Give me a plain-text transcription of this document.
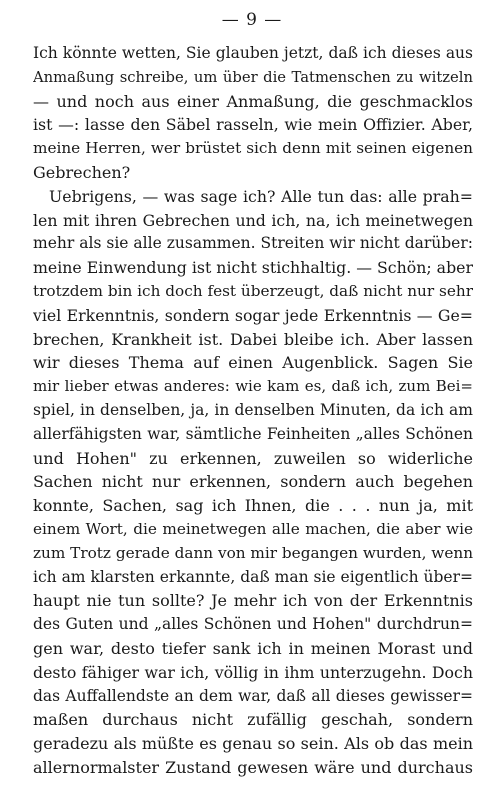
— 9 —

Ich könnte wetten, Sie glauben jetzt, daß ich dieses aus
Anmaßung schreibe, um über die Tatmenschen zu witzeln
— und noch aus einer Anmaßung, die geschmacklos
ist —: lasse den Säbel rasseln, wie mein Offizier. Aber,
meine Herren, wer brüstet sich denn mit seinen eigenen
Gebrechen?

Uebrigens, — was sage ich? Alle tun das: alle prah=
len mit ihren Gebrechen und ich, na, ich meinetwegen
mehr als sie alle zusammen. Streiten wir nicht darüber:
meine Einwendung ist nicht stichhaltig. — Schön; aber
trotzdem bin ich doch fest überzeugt, daß nicht nur sehr
viel Erkenntnis, sondern sogar jede Erkenntnis — Ge=
brechen, Krankheit ist. Dabei bleibe ich. Aber lassen
wir dieses Thema auf einen Augenblick. Sagen Sie
mir lieber etwas anderes: wie kam es, daß ich, zum Bei=
spiel, in denselben, ja, in denselben Minuten, da ich am
allerfähigsten war, sämtliche Feinheiten „alles Schönen
und Hohen" zu erkennen, zuweilen so widerliche
Sachen nicht nur erkennen, sondern auch begehen
konnte, Sachen, sag ich Ihnen, die . . . nun ja, mit
einem Wort, die meinetwegen alle machen, die aber wie
zum Trotz gerade dann von mir begangen wurden, wenn
ich am klarsten erkannte, daß man sie eigentlich über=
haupt nie tun sollte? Je mehr ich von der Erkenntnis
des Guten und „alles Schönen und Hohen" durchdrun=
gen war, desto tiefer sank ich in meinen Morast und
desto fähiger war ich, völlig in ihm unterzugehn. Doch
das Auffallendste an dem war, daß all dieses gewisser=
maßen durchaus nicht zufällig geschah, sondern
geradezu als müßte es genau so sein. Als ob das mein
allernormalster Zustand gewesen wäre und durchaus
